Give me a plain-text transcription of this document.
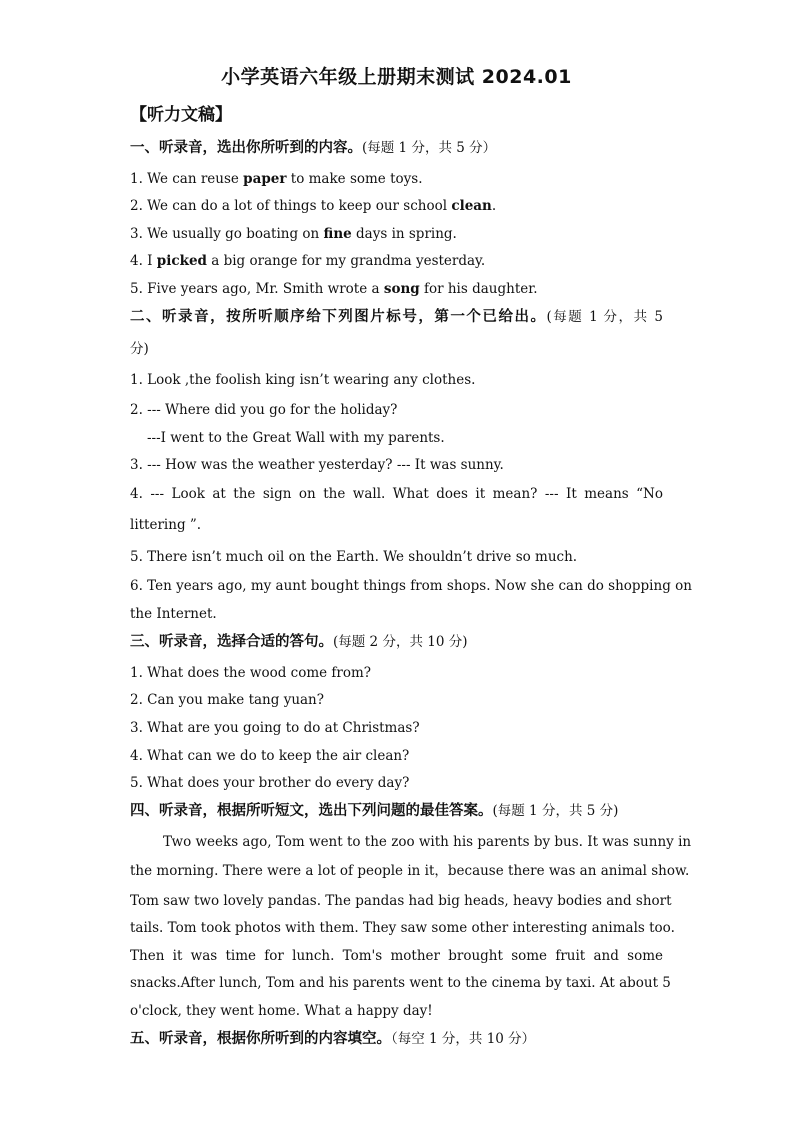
小学英语六年级上册期末测试 2024.01
【听力文稿】
一、听录音，选出你所听到的内容。(每题 1 分，共 5 分）
1. We can reuse paper to make some toys.
2. We can do a lot of things to keep our school clean.
3. We usually go boating on fine days in spring.
4. I picked a big orange for my grandma yesterday.
5. Five years ago, Mr. Smith wrote a song for his daughter.
二、听录音，按所听顺序给下列图片标号，第一个已给出。(每题 1 分，共 5
分)
1. Look ,the foolish king isn’t wearing any clothes.
2. --- Where did you go for the holiday?
---I went to the Great Wall with my parents.
3. --- How was the weather yesterday? --- It was sunny.
4. --- Look at the sign on the wall. What does it mean? --- It means “No
littering ”.
5. There isn’t much oil on the Earth. We shouldn’t drive so much.
6. Ten years ago, my aunt bought things from shops. Now she can do shopping on
the Internet.
三、听录音，选择合适的答句。(每题 2 分，共 10 分)
1. What does the wood come from?
2. Can you make tang yuan?
3. What are you going to do at Christmas?
4. What can we do to keep the air clean?
5. What does your brother do every day?
四、听录音，根据所听短文，选出下列问题的最佳答案。(每题 1 分，共 5 分)
Two weeks ago, Tom went to the zoo with his parents by bus. It was sunny in
the morning. There were a lot of people in it，because there was an animal show.
Tom saw two lovely pandas. The pandas had big heads, heavy bodies and short
tails. Tom took photos with them. They saw some other interesting animals too.
Then it was time for lunch. Tom's mother brought some fruit and some
snacks.After lunch, Tom and his parents went to the cinema by taxi. At about 5
o'clock, they went home. What a happy day!
五、听录音，根据你所听到的内容填空。（每空 1 分，共 10 分）
